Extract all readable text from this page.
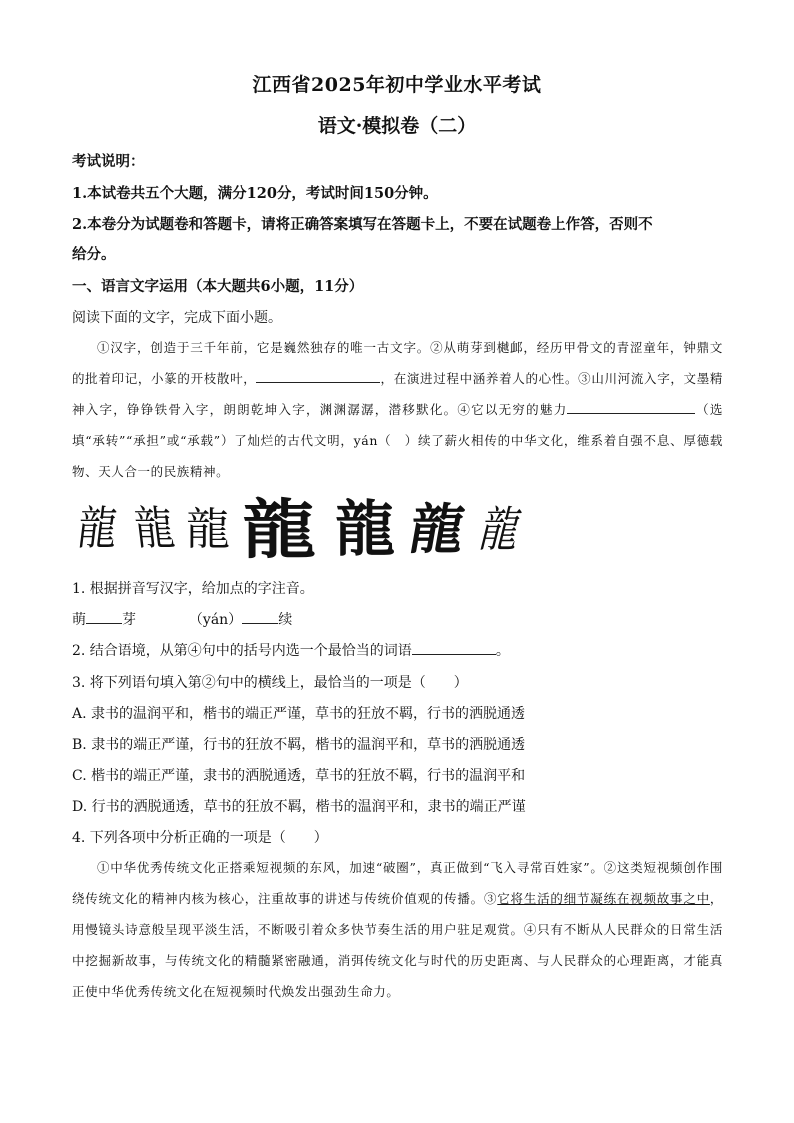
江西省2025年初中学业水平考试
语文·模拟卷（二）
考试说明：
1.本试卷共五个大题，满分120分，考试时间150分钟。
2.本卷分为试题卷和答题卡，请将正确答案填写在答题卡上，不要在试题卷上作答，否则不
给分。
一、语言文字运用（本大题共6小题，11分）
阅读下面的文字，完成下面小题。
①汉字，创造于三千年前，它是巍然独存的唯一古文字。②从萌芽到樾䘏，经历甲骨文的青涩童年，钟鼎文的批着印记，小篆的开枝散叶，	，在演进过程中涵养着人的心性。③山川河流入字，文墨精神入字，铮铮铁骨入字，朗朗乾坤入字，渊渊潺潺，潜移默化。④它以无穷的魅力	（选填“承转”“承担”或“承载”）了灿烂的古代文明，yán（　）续了薪火相传的中华文化，维系着自强不息、厚德载物、天人合一的民族精神。
龍 龍 龍 龍 龍 龍 龍
1. 根据拼音写汉字，给加点的字注音。
萌	芽	（yán）	续
2. 结合语境，从第④句中的括号内选一个最恰当的词语	。
3. 将下列语句填入第②句中的横线上，最恰当的一项是（　　）
A. 隶书的温润平和，楷书的端正严谨，草书的狂放不羁，行书的洒脱通透
B. 隶书的端正严谨，行书的狂放不羁，楷书的温润平和，草书的洒脱通透
C. 楷书的端正严谨，隶书的洒脱通透，草书的狂放不羁，行书的温润平和
D. 行书的洒脱通透，草书的狂放不羁，楷书的温润平和，隶书的端正严谨
4. 下列各项中分析正确的一项是（　　）
①中华优秀传统文化正搭乘短视频的东风，加速“破圈”，真正做到“飞入寻常百姓家”。②这类短视频创作围绕传统文化的精神内核为核心，注重故事的讲述与传统价值观的传播。③它将生活的细节凝练在视频故事之中，用慢镜头诗意般呈现平淡生活，不断吸引着众多快节奏生活的用户驻足观赏。④只有不断从人民群众的日常生活中挖掘新故事，与传统文化的精髓紧密融通，消弭传统文化与时代的历史距离、与人民群众的心理距离，才能真正使中华优秀传统文化在短视频时代焕发出强劲生命力。
